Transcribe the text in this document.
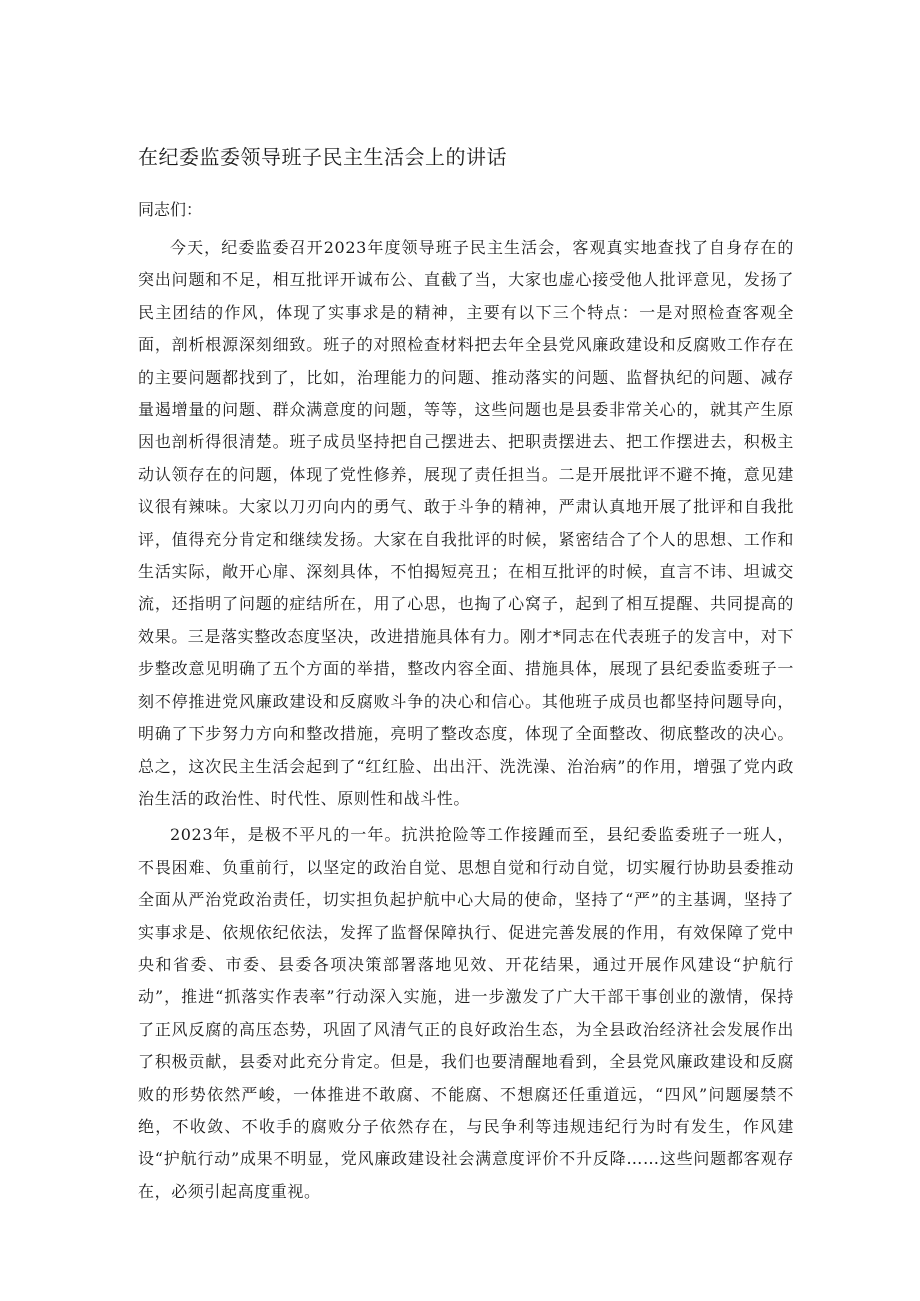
在纪委监委领导班子民主生活会上的讲话

同志们：

今天，纪委监委召开2023年度领导班子民主生活会，客观真实地查找了自身存在的突出问题和不足，相互批评开诚布公、直截了当，大家也虚心接受他人批评意见，发扬了民主团结的作风，体现了实事求是的精神，主要有以下三个特点：一是对照检查客观全面，剖析根源深刻细致。班子的对照检查材料把去年全县党风廉政建设和反腐败工作存在的主要问题都找到了，比如，治理能力的问题、推动落实的问题、监督执纪的问题、减存量遏增量的问题、群众满意度的问题，等等，这些问题也是县委非常关心的，就其产生原因也剖析得很清楚。班子成员坚持把自己摆进去、把职责摆进去、把工作摆进去，积极主动认领存在的问题，体现了党性修养，展现了责任担当。二是开展批评不避不掩，意见建议很有辣味。大家以刀刃向内的勇气、敢于斗争的精神，严肃认真地开展了批评和自我批评，值得充分肯定和继续发扬。大家在自我批评的时候，紧密结合了个人的思想、工作和生活实际，敞开心扉、深刻具体，不怕揭短亮丑；在相互批评的时候，直言不讳、坦诚交流，还指明了问题的症结所在，用了心思，也掏了心窝子，起到了相互提醒、共同提高的效果。三是落实整改态度坚决，改进措施具体有力。刚才*同志在代表班子的发言中，对下步整改意见明确了五个方面的举措，整改内容全面、措施具体，展现了县纪委监委班子一刻不停推进党风廉政建设和反腐败斗争的决心和信心。其他班子成员也都坚持问题导向，明确了下步努力方向和整改措施，亮明了整改态度，体现了全面整改、彻底整改的决心。总之，这次民主生活会起到了“红红脸、出出汗、洗洗澡、治治病”的作用，增强了党内政治生活的政治性、时代性、原则性和战斗性。

2023年，是极不平凡的一年。抗洪抢险等工作接踵而至，县纪委监委班子一班人，不畏困难、负重前行，以坚定的政治自觉、思想自觉和行动自觉，切实履行协助县委推动全面从严治党政治责任，切实担负起护航中心大局的使命，坚持了“严”的主基调，坚持了实事求是、依规依纪依法，发挥了监督保障执行、促进完善发展的作用，有效保障了党中央和省委、市委、县委各项决策部署落地见效、开花结果，通过开展作风建设“护航行动”，推进“抓落实作表率”行动深入实施，进一步激发了广大干部干事创业的激情，保持了正风反腐的高压态势，巩固了风清气正的良好政治生态，为全县政治经济社会发展作出了积极贡献，县委对此充分肯定。但是，我们也要清醒地看到，全县党风廉政建设和反腐败的形势依然严峻，一体推进不敢腐、不能腐、不想腐还任重道远，“四风”问题屡禁不绝，不收敛、不收手的腐败分子依然存在，与民争利等违规违纪行为时有发生，作风建设“护航行动”成果不明显，党风廉政建设社会满意度评价不升反降……这些问题都客观存在，必须引起高度重视。
